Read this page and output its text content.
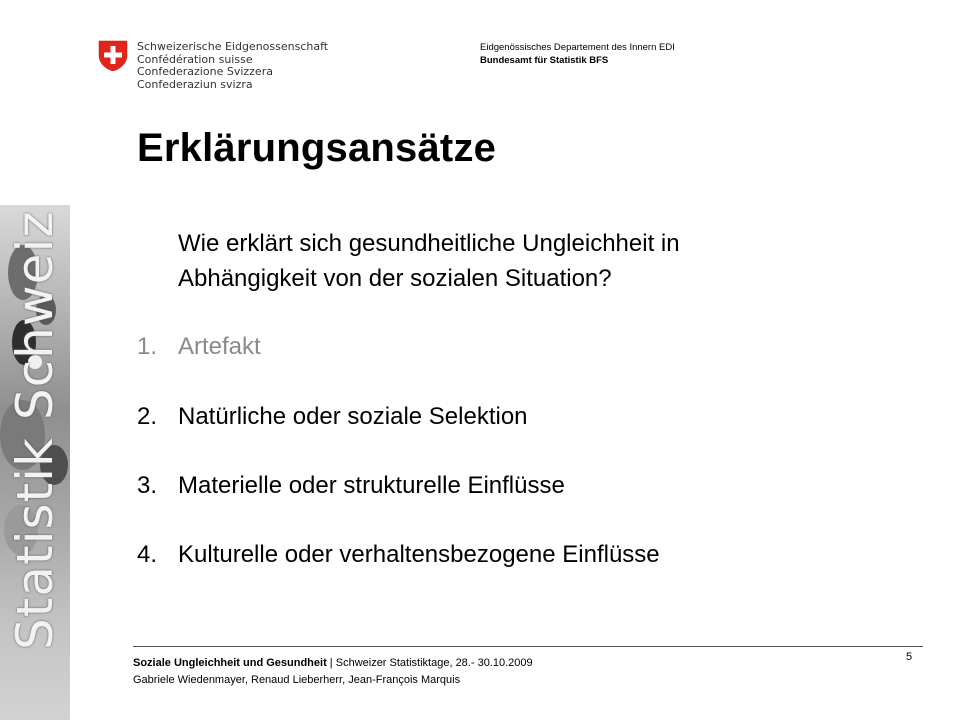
Statistik Schweiz
Schweizerische Eidgenossenschaft
Confédération suisse
Confederazione Svizzera
Confederaziun svizra
Eidgenössisches Departement des Innern EDI
Bundesamt für Statistik BFS
Erklärungsansätze
Wie erklärt sich gesundheitliche Ungleichheit in
Abhängigkeit von der sozialen Situation?
1. Artefakt
2. Natürliche oder soziale Selektion
3. Materielle oder strukturelle Einflüsse
4. Kulturelle oder verhaltensbezogene Einflüsse
Soziale Ungleichheit und Gesundheit | Schweizer Statistiktage, 28.- 30.10.2009
Gabriele Wiedenmayer, Renaud Lieberherr, Jean-François Marquis
5
